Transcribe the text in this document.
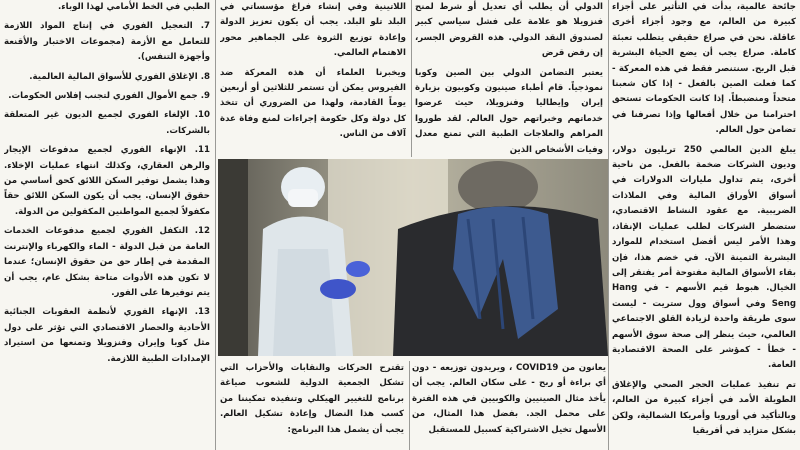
جائحة عالمية، بدأت في التأثير على أجزاء كبيرة من العالم، مع وجود أجزاء أخرى عاقلة. نحن في صراع حقيقي يتطلب تعبئة كاملة. صراع يجب أن يضع الحياة البشرية قبل الربح. سنتنصر فقط في هذه المعركة - كما فعلت الصين بالفعل - إذا كان شعبنا متحداً ومنضبطاً. إذا كانت الحكومات تستحق احترامنا من خلال أفعالها وإذا تصرفنا في تضامن حول العالم.

يبلغ الدين العالمي 250 تريليون دولار، وديون الشركات ضخمة بالفعل. من ناحية أخرى، يتم تداول مليارات الدولارات في أسواق الأوراق المالية وفي الملاذات الضريبية. مع عقود النشاط الاقتصادي، ستضطر الشركات لطلب عمليات الإنقاذ، وهذا الأمر ليس أفضل استخدام للموارد البشرية الثمينة الآن. في خضم هذا، فإن بقاء الأسواق المالية مفتوحة أمر يفتقر إلى الخيال. هبوط قيم الأسهم - في Hang Seng وفي أسواق وول ستريت - ليست سوى طريقة واحدة لزيادة القلق الاجتماعي العالمي، حيث ينظر إلى صحة سوق الأسهم - خطأ - كمؤشر على الصحة الاقتصادية العامة.

تم تنفيذ عمليات الحجر الصحي والإغلاق الطويلة الأمد في أجزاء كبيرة من العالم، وبالتأكيد في أوروبا وأمريكا الشمالية، ولكن بشكل متزايد في أفريقيا

الدولي أن يطلب أي تعديل أو شرط لمنح فنزويلا هو علامة على فشل سياسي كبير لصندوق النقد الدولي. هذه القروض الجسر، إن رفض قرض

يعتبر التضامن الدولي بين الصين وكوبا نموذجياً. قام أطباء صينيون وكوبيون بزيارة إيران وإيطاليا وفنزويلا، حيث عرضوا خدماتهم وخبراتهم حول العالم. لقد طوروا المراهم والعلاجات الطبية التي تمنع معدل وفيات الأشخاص الذين

اللاتينية وفي إنشاء فراغ مؤسساتي في البلد تلو البلد. يجب أن يكون تعزيز الدولة وإعادة توزيع الثروة على الجماهير محور الاهتمام العالمي.

ويخبرنا العلماء أن هذه المعركة ضد الفيروس يمكن أن تستمر للثلاثين أو أربعين يوماً القادمة، ولهذا من الضروري أن تتخذ كل دولة وكل حكومة إجراءات لمنع وفاة عدة آلاف من الناس.

الطبي في الخط الأمامي لهذا الوباء.

7. التعجيل الفوري في إنتاج المواد اللازمة للتعامل مع الأزمة (مجموعات الاختبار والأقنعة وأجهزة التنفس).

8. الإغلاق الفوري للأسواق المالية العالمية.

9. جمع الأموال الفوري لتجنب إفلاس الحكومات.

10. الإلغاء الفوري لجميع الديون غير المتعلقة بالشركات.

11. الإنهاء الفوري لجميع مدفوعات الإيجار والرهن العقاري، وكذلك انتهاء عمليات الإخلاء. وهذا يشمل توفير السكن اللائق كحق أساسي من حقوق الإنسان. يجب أن يكون السكن اللائق حقاً مكفولاً لجميع المواطنين المكفولين من الدولة.

12. التكفل الفوري لجميع مدفوعات الخدمات العامة من قبل الدولة - الماء والكهرباء والإنترنت المقدمة في إطار حق من حقوق الإنسان؛ عندما لا تكون هذه الأدوات متاحة بشكل عام، يجب أن يتم توفيرها على الفور.

13. الإنهاء الفوري لأنظمة العقوبات الجنائية الأحادية والحصار الاقتصادي التي تؤثر على دول مثل كوبا وإيران وفنزويلا وتمنعها من استيراد الإمدادات الطبية اللازمة.

يعانون من COVID19 ، ويريدون توزيعه - دون أي براءة أو ربح - على سكان العالم. يجب أن يأخذ مثال الصينيين والكوبيين في هذه الفترة على محمل الجد. بفضل هذا المثال، من الأسهل تخيل الاشتراكية كسبيل للمستقبل

تقترح الحركات والنقابات والأحزاب التي تشكل الجمعية الدولية للشعوب صياغة برنامج للتغيير الهيكلي وتنفيذه تمكيننا من كسب هذا النضال وإعادة تشكيل العالم. يجب أن يشمل هذا البرنامج:
